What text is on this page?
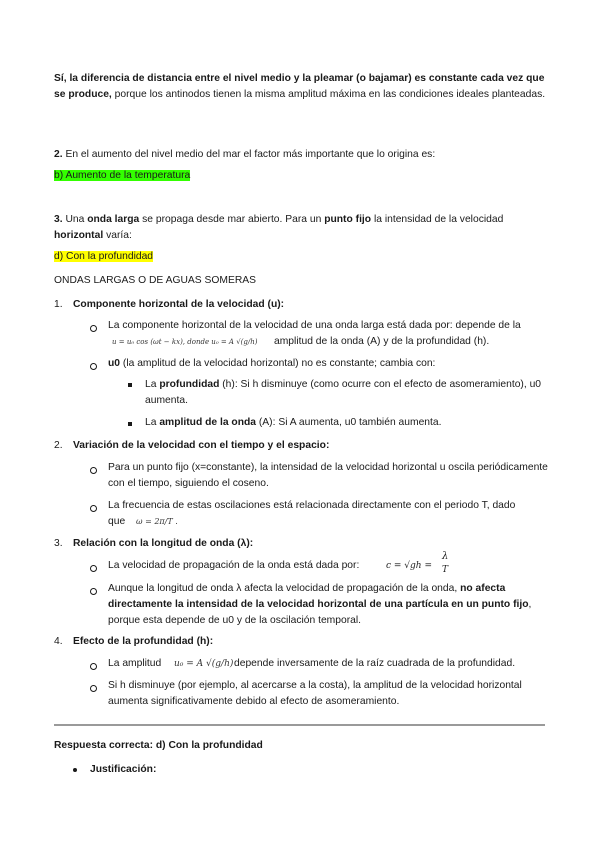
Sí, la diferencia de distancia entre el nivel medio y la pleamar (o bajamar) es constante cada vez que se produce, porque los antinodos tienen la misma amplitud máxima en las condiciones ideales planteadas.
2. En el aumento del nivel medio del mar el factor más importante que lo origina es:
b) Aumento de la temperatura
3. Una onda larga se propaga desde mar abierto. Para un punto fijo la intensidad de la velocidad horizontal varía:
d) Con la profundidad
ONDAS LARGAS O DE AGUAS SOMERAS
1. Componente horizontal de la velocidad (u):
La componente horizontal de la velocidad de una onda larga está dada por: depende de la
u = u₀ cos (ωt − kx), donde u₀ = A √(g/h) amplitud de la onda (A) y de la profundidad (h).
u0 (la amplitud de la velocidad horizontal) no es constante; cambia con:
La profundidad (h): Si h disminuye (como ocurre con el efecto de asomeramiento), u0 aumenta.
La amplitud de la onda (A): Si A aumenta, u0 también aumenta.
2. Variación de la velocidad con el tiempo y el espacio:
Para un punto fijo (x=constante), la intensidad de la velocidad horizontal u oscila periódicamente con el tiempo, siguiendo el coseno.
La frecuencia de estas oscilaciones está relacionada directamente con el periodo T, dado
que ω = 2π/T .
3. Relación con la longitud de onda (λ):
La velocidad de propagación de la onda está dada por:	c = √gh =
λ
T
Aunque la longitud de onda λ afecta la velocidad de propagación de la onda, no afecta directamente la intensidad de la velocidad horizontal de una partícula en un punto fijo, porque esta depende de u0 y de la oscilación temporal.
4. Efecto de la profundidad (h):
La amplitud u₀ = A √(g/h) depende inversamente de la raíz cuadrada de la profundidad.
Si h disminuye (por ejemplo, al acercarse a la costa), la amplitud de la velocidad horizontal aumenta significativamente debido al efecto de asomeramiento.
Respuesta correcta: d) Con la profundidad
Justificación:
